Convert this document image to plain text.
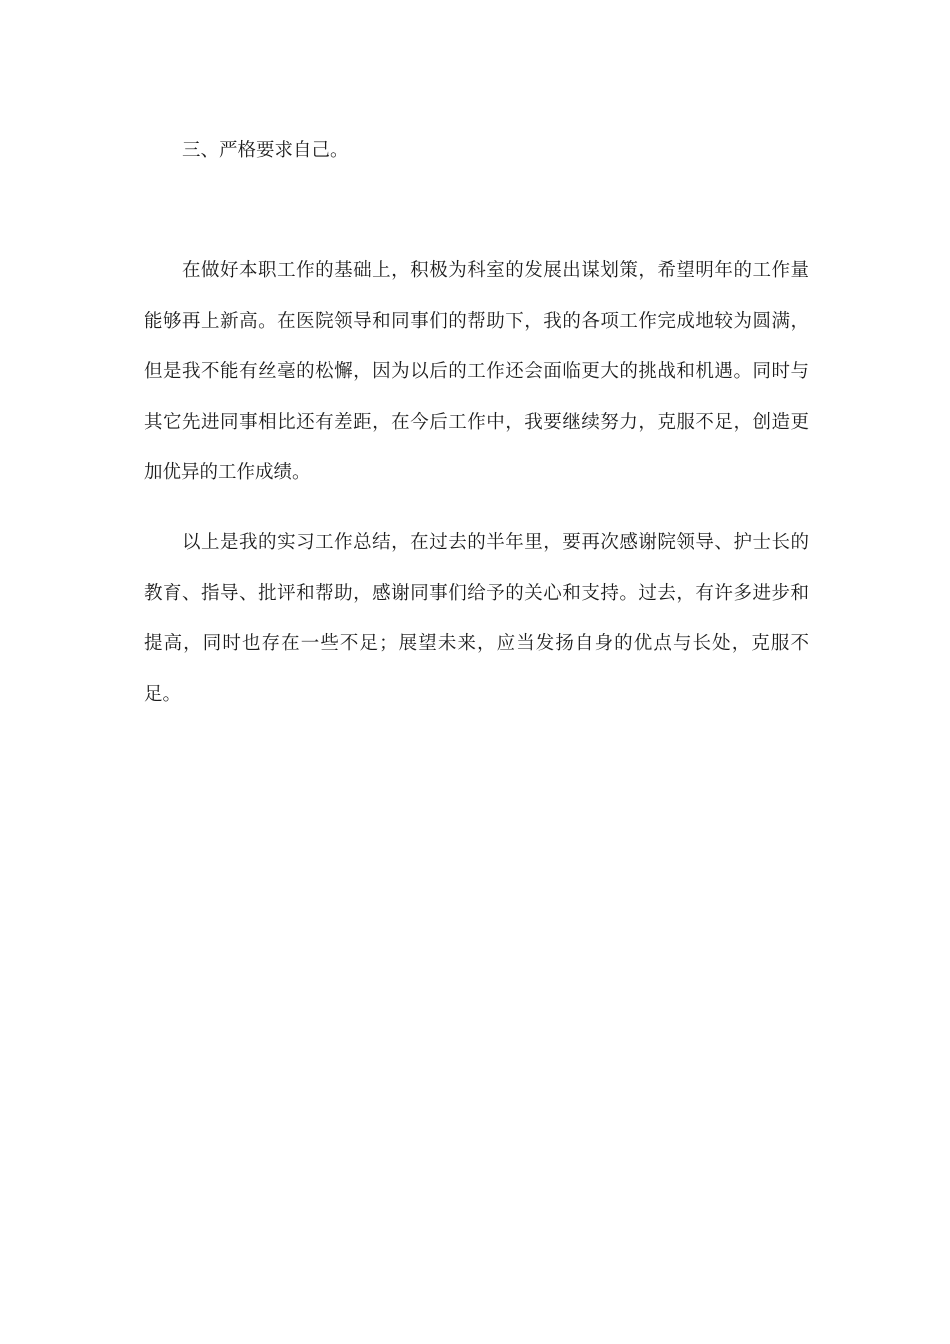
三、严格要求自己。

在做好本职工作的基础上，积极为科室的发展出谋划策，希望明年的工作量能够再上新高。在医院领导和同事们的帮助下，我的各项工作完成地较为圆满，但是我不能有丝毫的松懈，因为以后的工作还会面临更大的挑战和机遇。同时与其它先进同事相比还有差距，在今后工作中，我要继续努力，克服不足，创造更加优异的工作成绩。

以上是我的实习工作总结，在过去的半年里，要再次感谢院领导、护士长的教育、指导、批评和帮助，感谢同事们给予的关心和支持。过去，有许多进步和提高，同时也存在一些不足；展望未来，应当发扬自身的优点与长处，克服不足。
